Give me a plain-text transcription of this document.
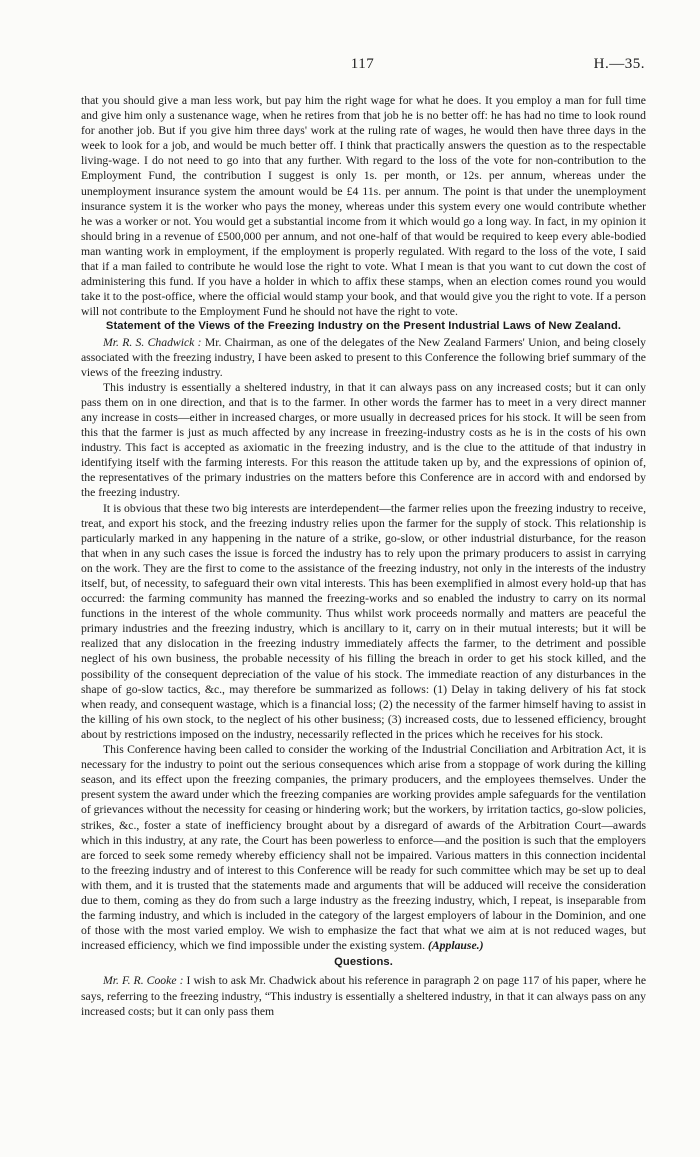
117	H.—35.

that you should give a man less work, but pay him the right wage for what he does. It you employ a man for full time and give him only a sustenance wage, when he retires from that job he is no better off: he has had no time to look round for another job. But if you give him three days' work at the ruling rate of wages, he would then have three days in the week to look for a job, and would be much better off. I think that practically answers the question as to the respectable living-wage. I do not need to go into that any further. With regard to the loss of the vote for non-contribution to the Employment Fund, the contribution I suggest is only 1s. per month, or 12s. per annum, whereas under the unemployment insurance system the amount would be £4 11s. per annum. The point is that under the unemployment insurance system it is the worker who pays the money, whereas under this system every one would contribute whether he was a worker or not. You would get a substantial income from it which would go a long way. In fact, in my opinion it should bring in a revenue of £500,000 per annum, and not one-half of that would be required to keep every able-bodied man wanting work in employment, if the employment is properly regulated. With regard to the loss of the vote, I said that if a man failed to contribute he would lose the right to vote. What I mean is that you want to cut down the cost of administering this fund. If you have a holder in which to affix these stamps, when an election comes round you would take it to the post-office, where the official would stamp your book, and that would give you the right to vote. If a person will not contribute to the Employment Fund he should not have the right to vote.

Statement of the Views of the Freezing Industry on the Present Industrial Laws of New Zealand.

Mr. R. S. Chadwick : Mr. Chairman, as one of the delegates of the New Zealand Farmers' Union, and being closely associated with the freezing industry, I have been asked to present to this Conference the following brief summary of the views of the freezing industry.

This industry is essentially a sheltered industry, in that it can always pass on any increased costs; but it can only pass them on in one direction, and that is to the farmer. In other words the farmer has to meet in a very direct manner any increase in costs—either in increased charges, or more usually in decreased prices for his stock. It will be seen from this that the farmer is just as much affected by any increase in freezing-industry costs as he is in the costs of his own industry. This fact is accepted as axiomatic in the freezing industry, and is the clue to the attitude of that industry in identifying itself with the farming interests. For this reason the attitude taken up by, and the expressions of opinion of, the representatives of the primary industries on the matters before this Conference are in accord with and endorsed by the freezing industry.

It is obvious that these two big interests are interdependent—the farmer relies upon the freezing industry to receive, treat, and export his stock, and the freezing industry relies upon the farmer for the supply of stock. This relationship is particularly marked in any happening in the nature of a strike, go-slow, or other industrial disturbance, for the reason that when in any such cases the issue is forced the industry has to rely upon the primary producers to assist in carrying on the work. They are the first to come to the assistance of the freezing industry, not only in the interests of the industry itself, but, of necessity, to safeguard their own vital interests. This has been exemplified in almost every hold-up that has occurred: the farming community has manned the freezing-works and so enabled the industry to carry on its normal functions in the interest of the whole community. Thus whilst work proceeds normally and matters are peaceful the primary industries and the freezing industry, which is ancillary to it, carry on in their mutual interests; but it will be realized that any dislocation in the freezing industry immediately affects the farmer, to the detriment and possible neglect of his own business, the probable necessity of his filling the breach in order to get his stock killed, and the possibility of the consequent depreciation of the value of his stock. The immediate reaction of any disturbances in the shape of go-slow tactics, &c., may therefore be summarized as follows: (1) Delay in taking delivery of his fat stock when ready, and consequent wastage, which is a financial loss; (2) the necessity of the farmer himself having to assist in the killing of his own stock, to the neglect of his other business; (3) increased costs, due to lessened efficiency, brought about by restrictions imposed on the industry, necessarily reflected in the prices which he receives for his stock.

This Conference having been called to consider the working of the Industrial Conciliation and Arbitration Act, it is necessary for the industry to point out the serious consequences which arise from a stoppage of work during the killing season, and its effect upon the freezing companies, the primary producers, and the employees themselves. Under the present system the award under which the freezing companies are working provides ample safeguards for the ventilation of grievances without the necessity for ceasing or hindering work; but the workers, by irritation tactics, go-slow policies, strikes, &c., foster a state of inefficiency brought about by a disregard of awards of the Arbitration Court—awards which in this industry, at any rate, the Court has been powerless to enforce—and the position is such that the employers are forced to seek some remedy whereby efficiency shall not be impaired. Various matters in this connection incidental to the freezing industry and of interest to this Conference will be ready for such committee which may be set up to deal with them, and it is trusted that the statements made and arguments that will be adduced will receive the consideration due to them, coming as they do from such a large industry as the freezing industry, which, I repeat, is inseparable from the farming industry, and which is included in the category of the largest employers of labour in the Dominion, and one of those with the most varied employ. We wish to emphasize the fact that what we aim at is not reduced wages, but increased efficiency, which we find impossible under the existing system. (Applause.)

Questions.

Mr. F. R. Cooke : I wish to ask Mr. Chadwick about his reference in paragraph 2 on page 117 of his paper, where he says, referring to the freezing industry, “This industry is essentially a sheltered industry, in that it can always pass on any increased costs; but it can only pass them
